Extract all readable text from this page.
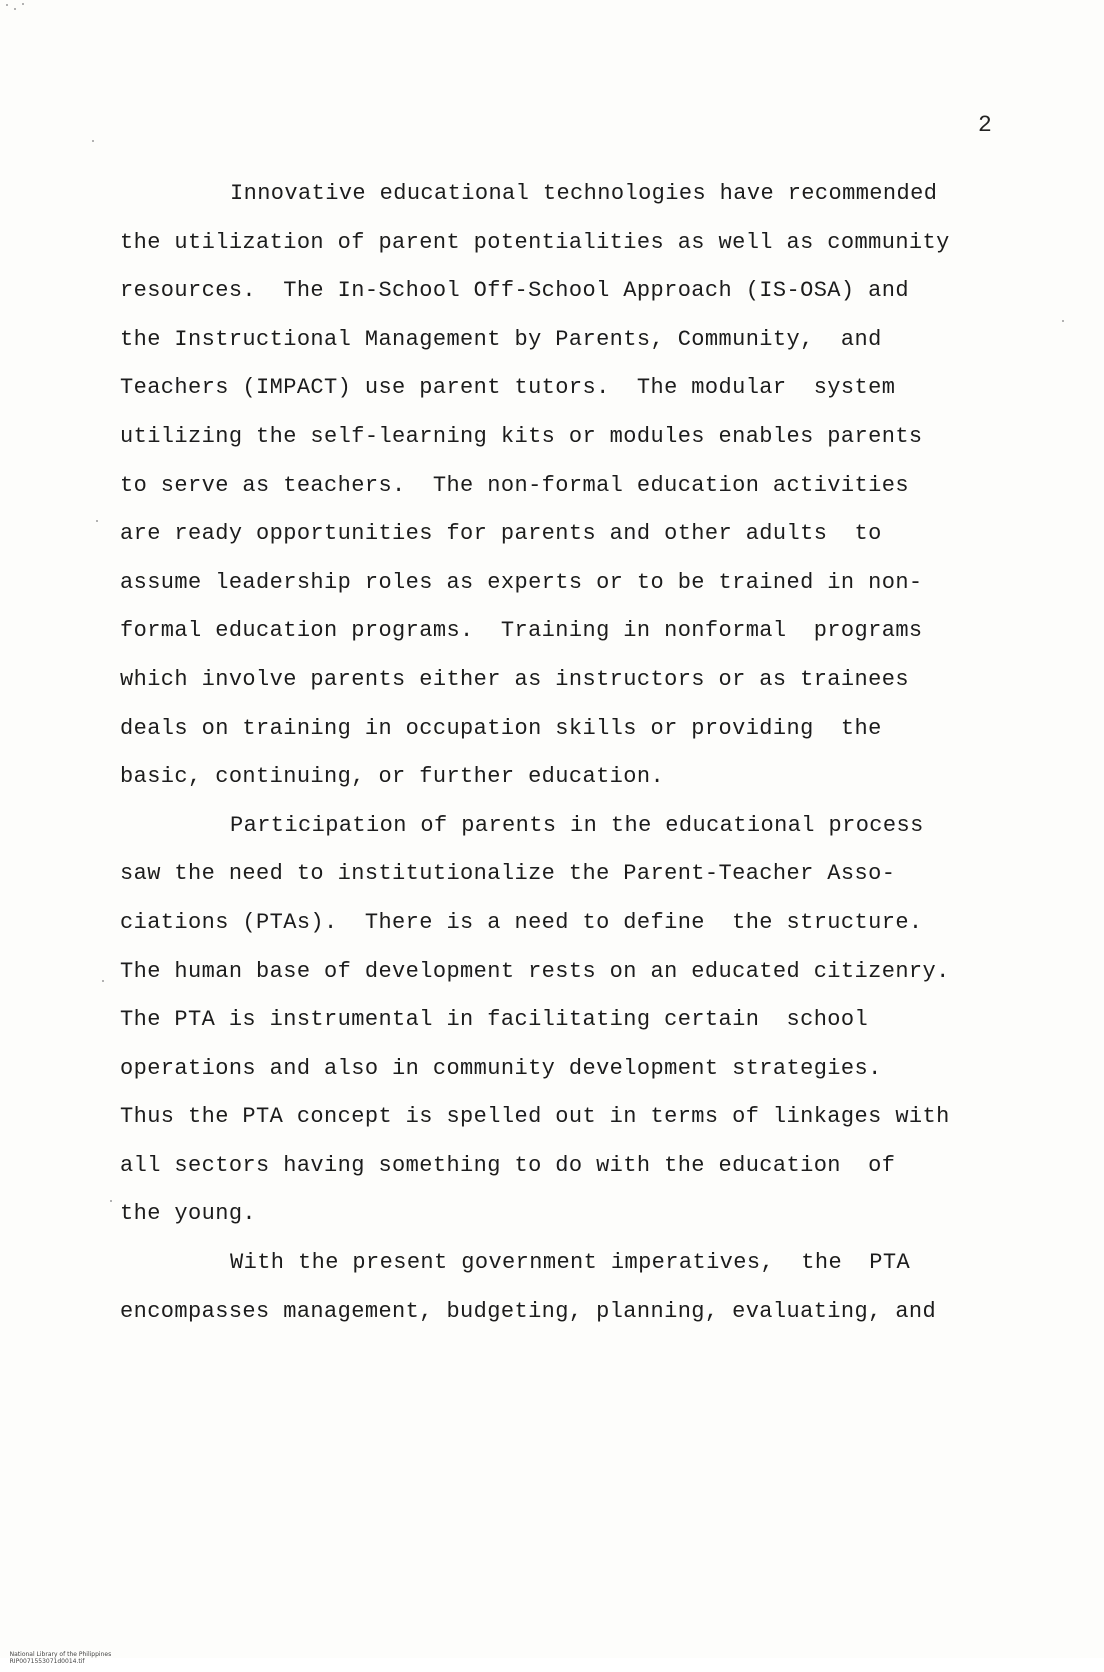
2
Innovative educational technologies have recommended
the utilization of parent potentialities as well as community
resources.  The In-School Off-School Approach (IS-OSA) and
the Instructional Management by Parents, Community,  and
Teachers (IMPACT) use parent tutors.  The modular  system
utilizing the self-learning kits or modules enables parents
to serve as teachers.  The non-formal education activities
are ready opportunities for parents and other adults  to
assume leadership roles as experts or to be trained in non-
formal education programs.  Training in nonformal  programs
which involve parents either as instructors or as trainees
deals on training in occupation skills or providing  the
basic, continuing, or further education.
Participation of parents in the educational process
saw the need to institutionalize the Parent-Teacher Asso-
ciations (PTAs).  There is a need to define  the structure.
The human base of development rests on an educated citizenry.
The PTA is instrumental in facilitating certain  school
operations and also in community development strategies.
Thus the PTA concept is spelled out in terms of linkages with
all sectors having something to do with the education  of
the young.
With the present government imperatives,  the  PTA
encompasses management, budgeting, planning, evaluating, and

National Library of the Philippines
RIP0071553071d0014.tif
